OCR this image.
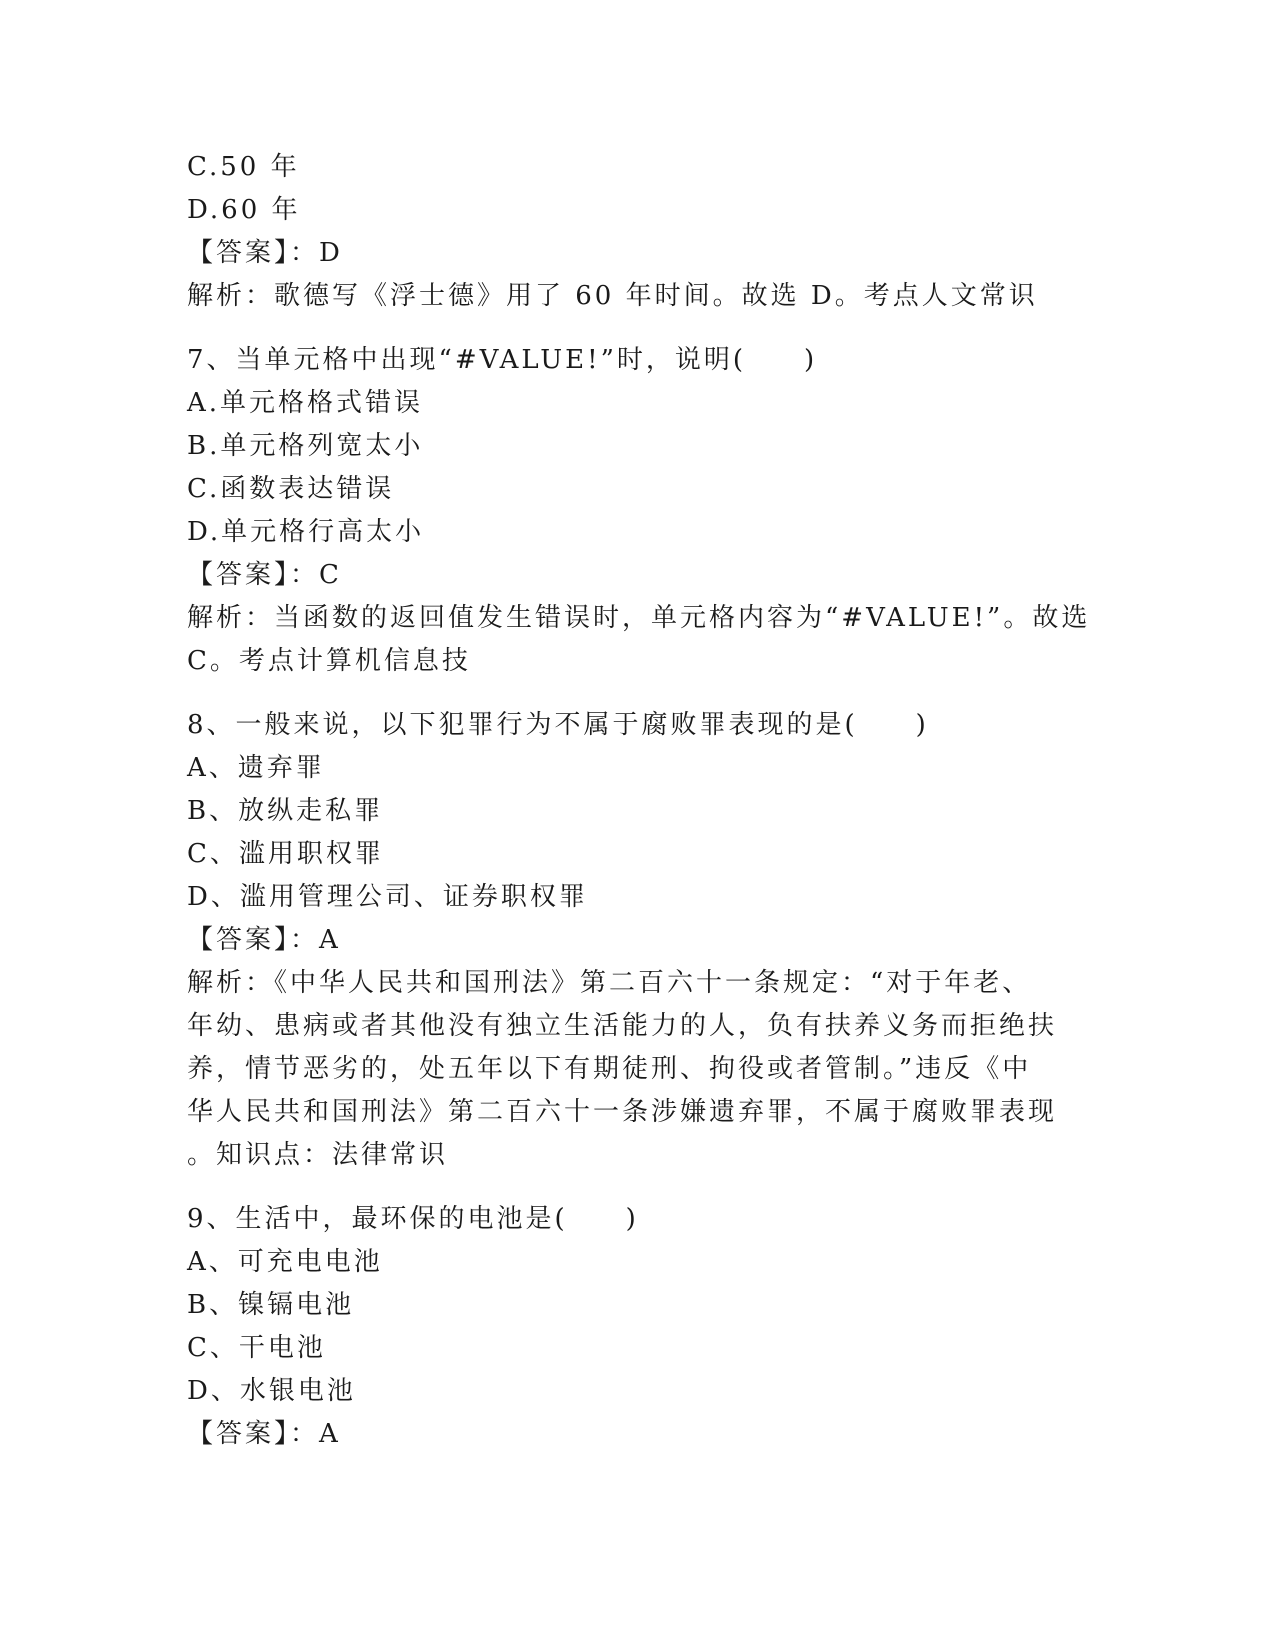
C.50 年
D.60 年
【答案】：D
解析：歌德写《浮士德》用了 60 年时间。故选 D。考点人文常识
7、当单元格中出现“#VALUE!”时，说明(　　)
A.单元格格式错误
B.单元格列宽太小
C.函数表达错误
D.单元格行高太小
【答案】：C
解析：当函数的返回值发生错误时，单元格内容为“#VALUE!”。故选
C。考点计算机信息技
8、一般来说，以下犯罪行为不属于腐败罪表现的是(　　)
A、遗弃罪
B、放纵走私罪
C、滥用职权罪
D、滥用管理公司、证券职权罪
【答案】：A
解析：《中华人民共和国刑法》第二百六十一条规定：“对于年老、
年幼、患病或者其他没有独立生活能力的人，负有扶养义务而拒绝扶
养，情节恶劣的，处五年以下有期徒刑、拘役或者管制。”违反《中
华人民共和国刑法》第二百六十一条涉嫌遗弃罪，不属于腐败罪表现
。知识点：法律常识
9、生活中，最环保的电池是(　　)
A、可充电电池
B、镍镉电池
C、干电池
D、水银电池
【答案】：A
